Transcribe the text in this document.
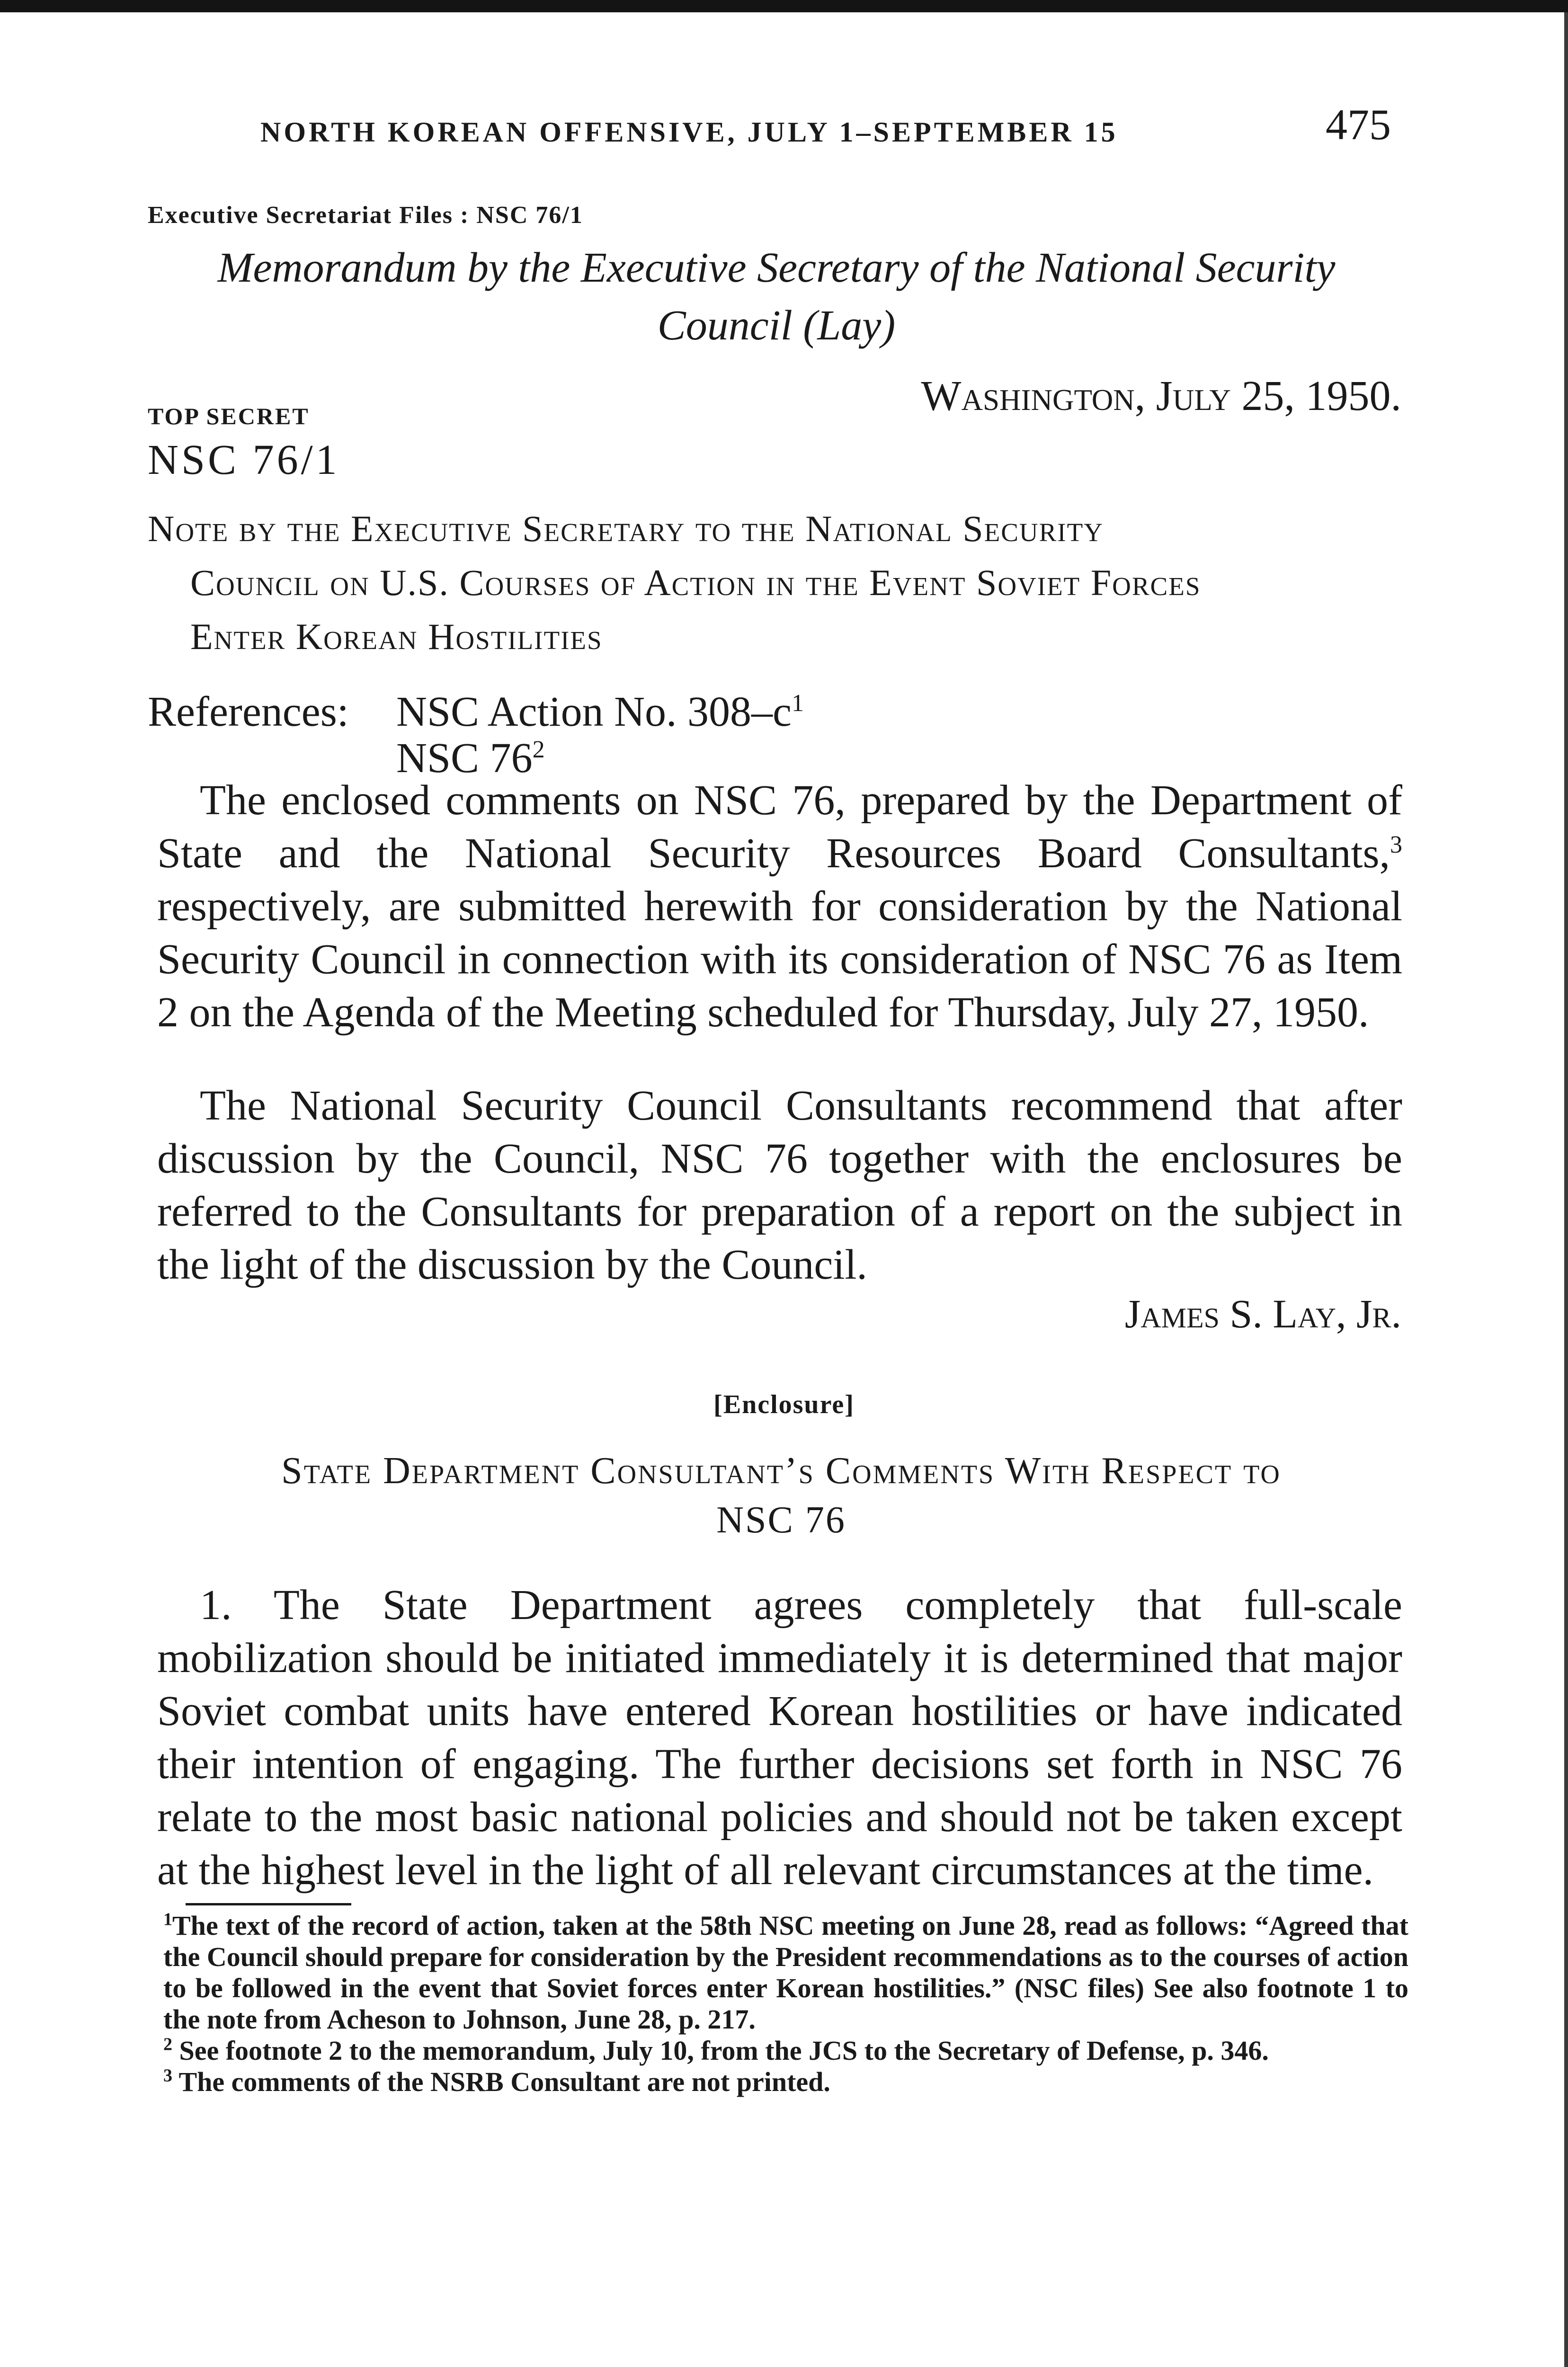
NORTH KOREAN OFFENSIVE, JULY 1–SEPTEMBER 15	475
Executive Secretariat Files : NSC 76/1
Memorandum by the Executive Secretary of the National Security
Council (Lay)
TOP SECRET	Washington, July 25, 1950.
NSC 76/1
Note by the Executive Secretary to the National Security
Council on U.S. Courses of Action in the Event Soviet Forces
Enter Korean Hostilities
References: NSC Action No. $308-c^1$
NSC $76^2$

The enclosed comments on NSC 76, prepared by the Department of State and the National Security Resources Board Consultants,$^3$ respectively, are submitted herewith for consideration by the National Security Council in connection with its consideration of NSC 76 as Item 2 on the Agenda of the Meeting scheduled for Thursday, July 27, 1950.

The National Security Council Consultants recommend that after discussion by the Council, NSC 76 together with the enclosures be referred to the Consultants for preparation of a report on the subject in the light of the discussion by the Council.

James S. Lay, Jr.
[Enclosure]
State Department Consultant’s Comments With Respect to
NSC 76

1. The State Department agrees completely that full-scale mobilization should be initiated immediately it is determined that major Soviet combat units have entered Korean hostilities or have indicated their intention of engaging. The further decisions set forth in NSC 76 relate to the most basic national policies and should not be taken except at the highest level in the light of all relevant circumstances at the time.

$^1$The text of the record of action, taken at the 58th NSC meeting on June 28, read as follows: “Agreed that the Council should prepare for consideration by the President recommendations as to the courses of action to be followed in the event that Soviet forces enter Korean hostilities.” (NSC files) See also footnote 1 to the note from Acheson to Johnson, June 28, p. 217.

$^2$ See footnote 2 to the memorandum, July 10, from the JCS to the Secretary of Defense, p. 346.

$^3$ The comments of the NSRB Consultant are not printed.
